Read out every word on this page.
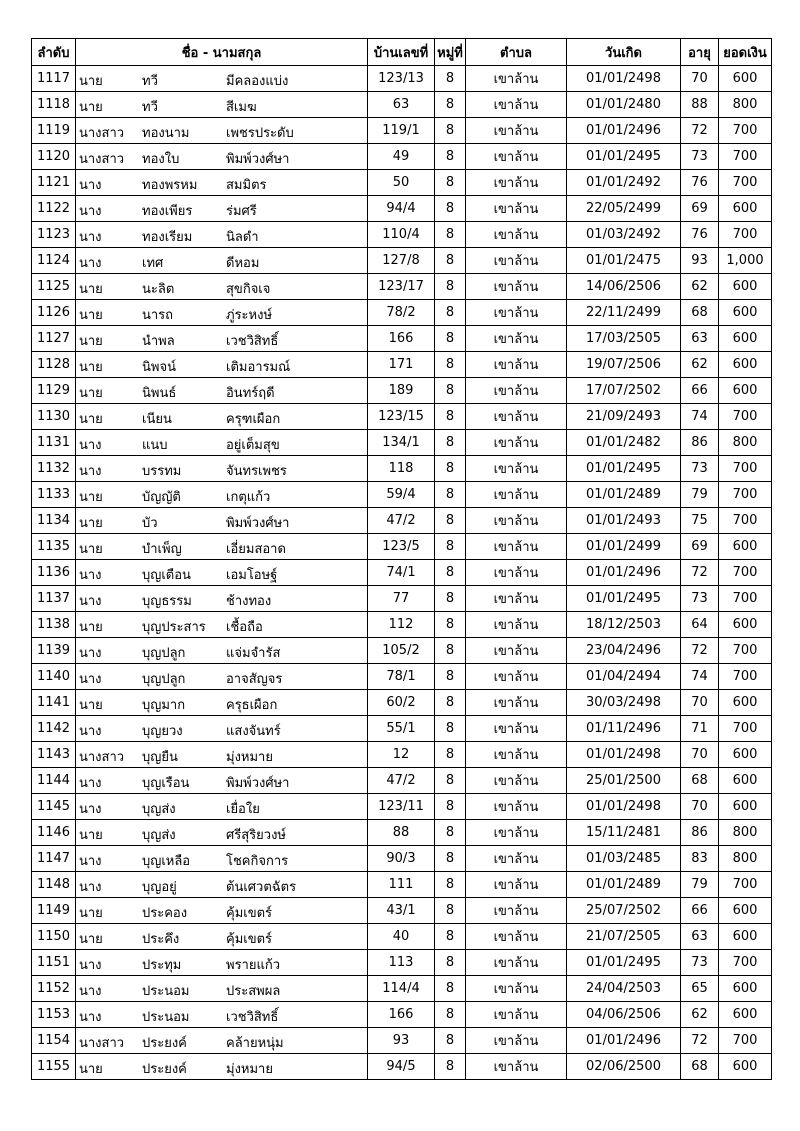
ลำดับ	ชื่อ - นามสกุล	บ้านเลขที่	หมู่ที่	ตำบล	วันเกิด	อายุ	ยอดเงิน
1117	นาย ทวี มีคลองแบ่ง	123/13	8	เขาล้าน	01/01/2498	70	600
1118	นาย ทวี สีเมฆ	63	8	เขาล้าน	01/01/2480	88	800
1119	นางสาว ทองนาม เพชรประดับ	119/1	8	เขาล้าน	01/01/2496	72	700
1120	นางสาว ทองใบ พิมพ์วงศ์ษา	49	8	เขาล้าน	01/01/2495	73	700
1121	นาง ทองพรหม สมมิตร	50	8	เขาล้าน	01/01/2492	76	700
1122	นาง ทองเพียร ร่มศรี	94/4	8	เขาล้าน	22/05/2499	69	600
1123	นาง ทองเรียม นิลดำ	110/4	8	เขาล้าน	01/03/2492	76	700
1124	นาง เทศ ดีหอม	127/8	8	เขาล้าน	01/01/2475	93	1,000
1125	นาย นะลิต สุขกิจเจ	123/17	8	เขาล้าน	14/06/2506	62	600
1126	นาย นารถ ภู่ระหงษ์	78/2	8	เขาล้าน	22/11/2499	68	600
1127	นาย นำพล เวชวิสิทธิ์	166	8	เขาล้าน	17/03/2505	63	600
1128	นาย นิพจน์ เติมอารมณ์	171	8	เขาล้าน	19/07/2506	62	600
1129	นาย นิพนธ์ อินทร์ฤดี	189	8	เขาล้าน	17/07/2502	66	600
1130	นาย เนียน ครุฑเผือก	123/15	8	เขาล้าน	21/09/2493	74	700
1131	นาง แนบ อยู่เต็มสุข	134/1	8	เขาล้าน	01/01/2482	86	800
1132	นาง บรรทม จันทรเพชร	118	8	เขาล้าน	01/01/2495	73	700
1133	นาย บัญญัติ เกตุแก้ว	59/4	8	เขาล้าน	01/01/2489	79	700
1134	นาย บัว พิมพ์วงศ์ษา	47/2	8	เขาล้าน	01/01/2493	75	700
1135	นาย บำเพ็ญ เอี่ยมสอาด	123/5	8	เขาล้าน	01/01/2499	69	600
1136	นาง บุญเตือน เอมโอษฐ์	74/1	8	เขาล้าน	01/01/2496	72	700
1137	นาง บุญธรรม ช้างทอง	77	8	เขาล้าน	01/01/2495	73	700
1138	นาย บุญประสาร เชื้อถือ	112	8	เขาล้าน	18/12/2503	64	600
1139	นาง บุญปลูก แจ่มจำรัส	105/2	8	เขาล้าน	23/04/2496	72	700
1140	นาง บุญปลูก อาจสัญจร	78/1	8	เขาล้าน	01/04/2494	74	700
1141	นาย บุญมาก ครุธเผือก	60/2	8	เขาล้าน	30/03/2498	70	600
1142	นาง บุญยวง แสงจันทร์	55/1	8	เขาล้าน	01/11/2496	71	700
1143	นางสาว บุญยืน มุ่งหมาย	12	8	เขาล้าน	01/01/2498	70	600
1144	นาง บุญเรือน พิมพ์วงศ์ษา	47/2	8	เขาล้าน	25/01/2500	68	600
1145	นาง บุญส่ง เยื่อใย	123/11	8	เขาล้าน	01/01/2498	70	600
1146	นาย บุญส่ง ศรีสุริยวงษ์	88	8	เขาล้าน	15/11/2481	86	800
1147	นาง บุญเหลือ โชคกิจการ	90/3	8	เขาล้าน	01/03/2485	83	800
1148	นาง บุญอยู่ ต้นเศวตฉัตร	111	8	เขาล้าน	01/01/2489	79	700
1149	นาย ประคอง คุ้มเขตร์	43/1	8	เขาล้าน	25/07/2502	66	600
1150	นาย ประคึง คุ้มเขตร์	40	8	เขาล้าน	21/07/2505	63	600
1151	นาง ประทุม พรายแก้ว	113	8	เขาล้าน	01/01/2495	73	700
1152	นาง ประนอม ประสพผล	114/4	8	เขาล้าน	24/04/2503	65	600
1153	นาง ประนอม เวชวิสิทธิ์	166	8	เขาล้าน	04/06/2506	62	600
1154	นางสาว ประยงค์ คล้ายหนุ่ม	93	8	เขาล้าน	01/01/2496	72	700
1155	นาย ประยงค์ มุ่งหมาย	94/5	8	เขาล้าน	02/06/2500	68	600
